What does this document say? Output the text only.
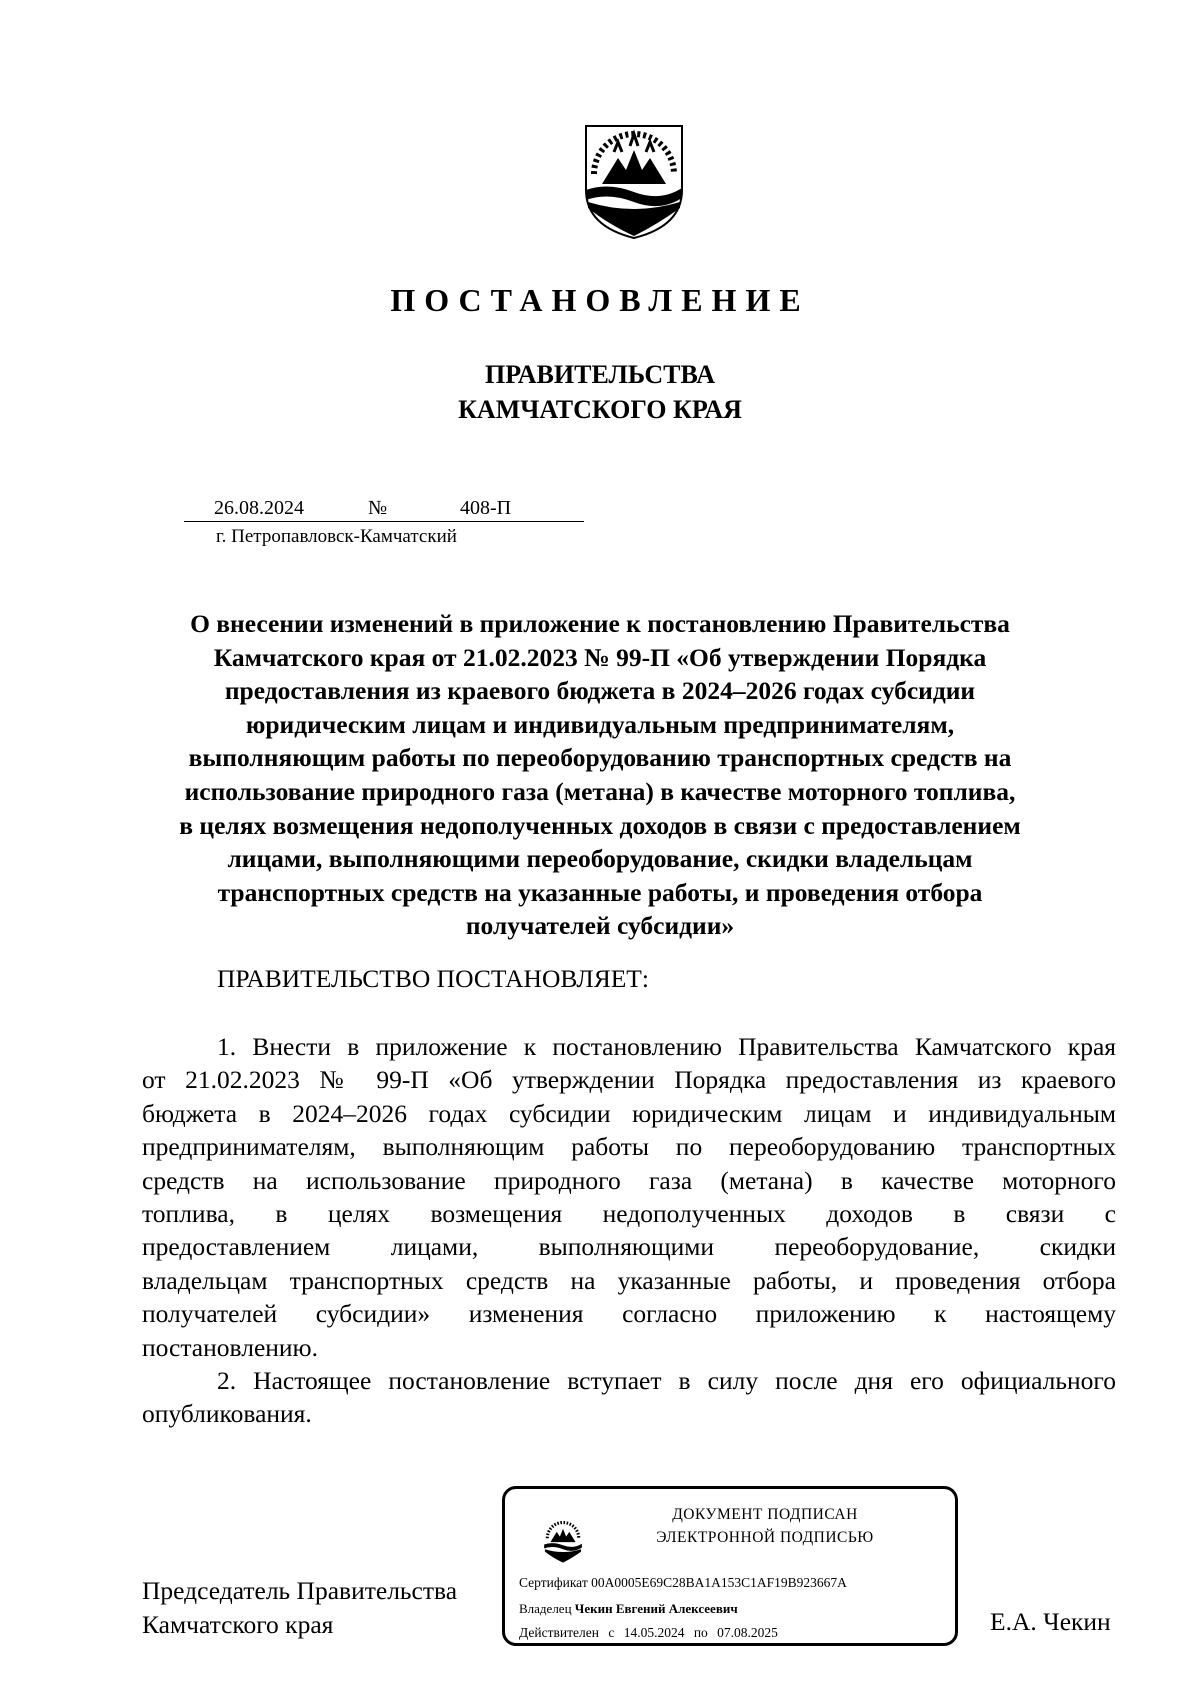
ПОСТАНОВЛЕНИЕ
ПРАВИТЕЛЬСТВА
КАМЧАТСКОГО КРАЯ
26.08.2024	№	408-П
г. Петропавловск-Камчатский
О внесении изменений в приложение к постановлению Правительства
Камчатского края от 21.02.2023 № 99-П «Об утверждении Порядка
предоставления из краевого бюджета в 2024–2026 годах субсидии
юридическим лицам и индивидуальным предпринимателям,
выполняющим работы по переоборудованию транспортных средств на
использование природного газа (метана) в качестве моторного топлива,
в целях возмещения недополученных доходов в связи с предоставлением
лицами, выполняющими переоборудование, скидки владельцам
транспортных средств на указанные работы, и проведения отбора
получателей субсидии»
ПРАВИТЕЛЬСТВО ПОСТАНОВЛЯЕТ:
1. Внести в приложение к постановлению Правительства Камчатского края
от 21.02.2023 № 99-П «Об утверждении Порядка предоставления из краевого
бюджета в 2024–2026 годах субсидии юридическим лицам и индивидуальным
предпринимателям, выполняющим работы по переоборудованию транспортных
средств на использование природного газа (метана) в качестве моторного
топлива, в целях возмещения недополученных доходов в связи с
предоставлением лицами, выполняющими переоборудование, скидки
владельцам транспортных средств на указанные работы, и проведения отбора
получателей субсидии» изменения согласно приложению к настоящему
постановлению.
2. Настоящее постановление вступает в силу после дня его официального
опубликования.
Председатель Правительства
Камчатского края
ДОКУМЕНТ ПОДПИСАН
ЭЛЕКТРОННОЙ ПОДПИСЬЮ
Сертификат 00A0005E69C28BA1A153C1AF19B923667A
Владелец Чекин Евгений Алексеевич
Действителен с 14.05.2024 по 07.08.2025	Е.А. Чекин
